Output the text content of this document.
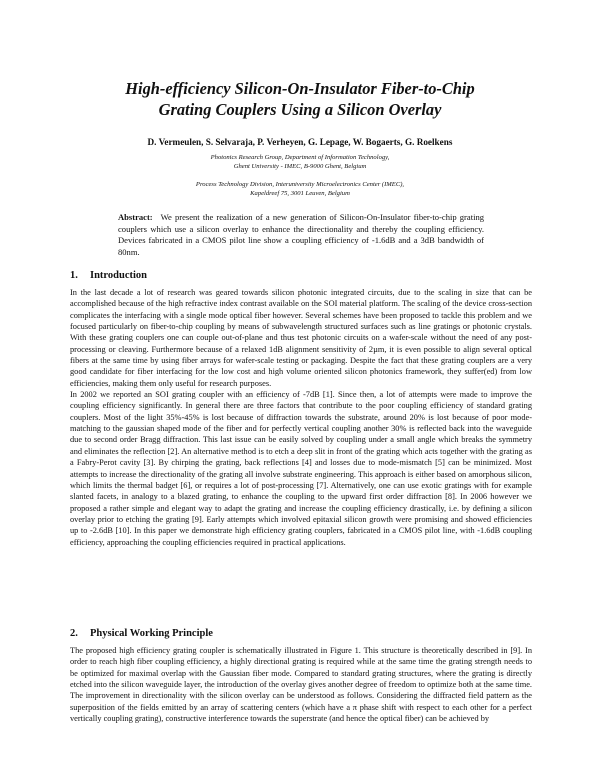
High-efficiency Silicon-On-Insulator Fiber-to-Chip
Grating Couplers Using a Silicon Overlay
D. Vermeulen, S. Selvaraja, P. Verheyen, G. Lepage, W. Bogaerts, G. Roelkens
Photonics Research Group, Department of Information Technology,
Ghent University - IMEC, B-9000 Ghent, Belgium
Process Technology Division, Interuniversity Microelectronics Center (IMEC),
Kapeldreef 75, 3001 Leuven, Belgium
Abstract: We present the realization of a new generation of Silicon-On-Insulator fiber-to-chip grating couplers which use a silicon overlay to enhance the directionality and thereby the coupling efficiency. Devices fabricated in a CMOS pilot line show a coupling efficiency of -1.6dB and a 3dB bandwidth of 80nm.
1. Introduction

In the last decade a lot of research was geared towards silicon photonic integrated circuits, due to the scaling in size that can be accomplished because of the high refractive index contrast available on the SOI material platform. The scaling of the device cross-section complicates the interfacing with a single mode optical fiber however. Several schemes have been proposed to tackle this problem and we focused particularly on fiber-to-chip coupling by means of subwavelength structured surfaces such as line gratings or photonic crystals. With these grating couplers one can couple out-of-plane and thus test photonic circuits on a wafer-scale without the need of any post-processing or cleaving. Furthermore because of a relaxed 1dB alignment sensitivity of 2µm, it is even possible to align several optical fibers at the same time by using fiber arrays for wafer-scale testing or packaging. Despite the fact that these grating couplers are a very good candidate for fiber interfacing for the low cost and high volume oriented silicon photonics framework, they suffer(ed) from low efficiencies, making them only useful for research purposes.

In 2002 we reported an SOI grating coupler with an efficiency of -7dB [1]. Since then, a lot of attempts were made to improve the coupling efficiency significantly. In general there are three factors that contribute to the poor coupling efficiency of standard grating couplers. Most of the light 35%-45% is lost because of diffraction towards the substrate, around 20% is lost because of poor mode-matching to the gaussian shaped mode of the fiber and for perfectly vertical coupling another 30% is reflected back into the waveguide due to second order Bragg diffraction. This last issue can be easily solved by coupling under a small angle which breaks the symmetry and eliminates the reflection [2]. An alternative method is to etch a deep slit in front of the grating which acts together with the grating as a Fabry-Perot cavity [3]. By chirping the grating, back reflections [4] and losses due to mode-mismatch [5] can be minimized. Most attempts to increase the directionality of the grating all involve substrate engineering. This approach is either based on amorphous silicon, which limits the thermal badget [6], or requires a lot of post-processing [7]. Alternatively, one can use exotic gratings with for example slanted facets, in analogy to a blazed grating, to enhance the coupling to the upward first order diffraction [8]. In 2006 however we proposed a rather simple and elegant way to adapt the grating and increase the coupling efficiency drastically, i.e. by defining a silicon overlay prior to etching the grating [9]. Early attempts which involved epitaxial silicon growth were promising and showed efficiencies up to -2.6dB [10]. In this paper we demonstrate high efficiency grating couplers, fabricated in a CMOS pilot line, with -1.6dB coupling efficiency, approaching the coupling efficiencies required in practical applications.

2. Physical Working Principle

The proposed high efficiency grating coupler is schematically illustrated in Figure 1. This structure is theoretically described in [9]. In order to reach high fiber coupling efficiency, a highly directional grating is required while at the same time the grating strength needs to be optimized for maximal overlap with the Gaussian fiber mode. Compared to standard grating structures, where the grating is directly etched into the silicon waveguide layer, the introduction of the overlay gives another degree of freedom to optimize both at the same time. The improvement in directionality with the silicon overlay can be understood as follows. Considering the diffracted field pattern as the superposition of the fields emitted by an array of scattering centers (which have a π phase shift with respect to each other for a perfect vertically coupling grating), constructive interference towards the superstrate (and hence the optical fiber) can be achieved by
